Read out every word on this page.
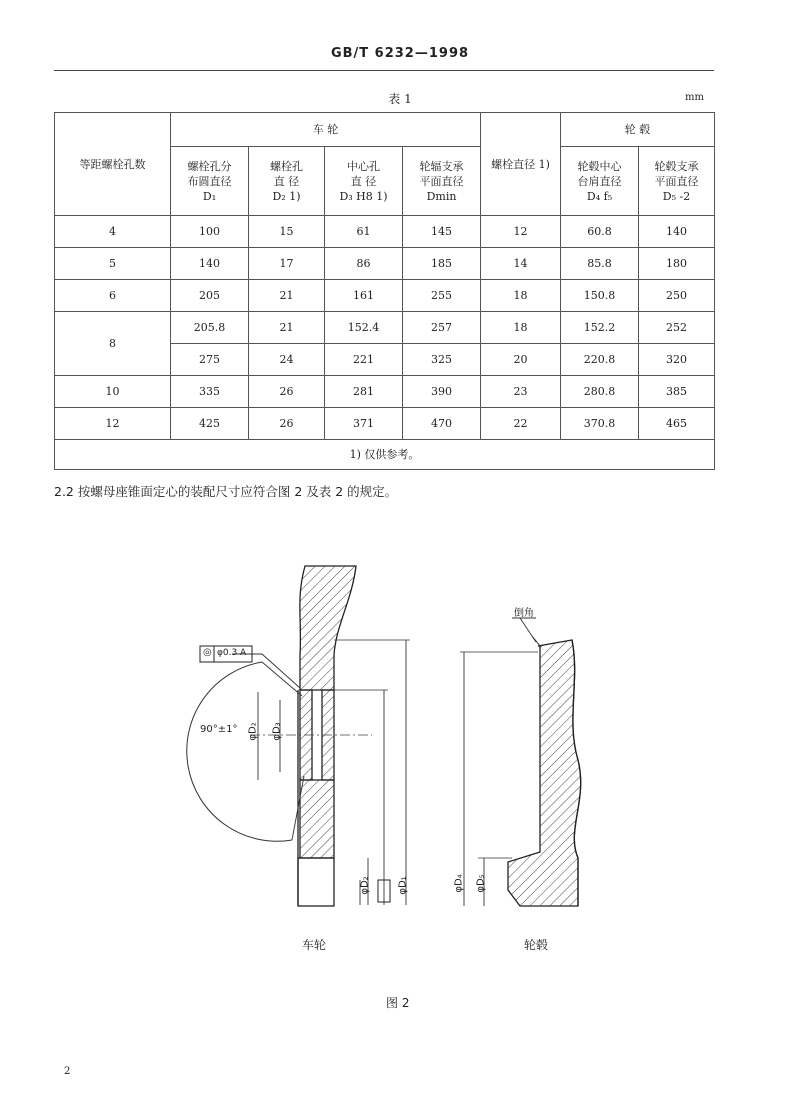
GB/T 6232—1998
表 1	mm
等距螺栓孔数	车 轮				螺栓直径 1)	轮 毂	
	螺栓孔分
布圆直径
D₁	螺栓孔
直 径
D₂ 1)	中心孔
直 径
D₃ H8 1)	轮辐支承
平面直径
Dmin		轮毂中心
台肩直径
D₄ f₅	轮毂支承
平面直径
D₅ -2
4	100	15	61	145	12	60.8	140
5	140	17	86	185	14	85.8	180
6	205	21	161	255	18	150.8	250
8	205.8	21	152.4	257	18	152.2	252
	275	24	221	325	20	220.8	320
10	335	26	281	390	23	280.8	385
12	425	26	371	470	22	370.8	465
1) 仅供参考。							
2.2 按螺母座锥面定心的装配尺寸应符合图 2 及表 2 的规定。
◎ φ0.3 A
90°±1°
倒角
φD₂ φD₃
φD₂	φD₁	φD₄ φD₅
车轮	轮毂
图 2
2
